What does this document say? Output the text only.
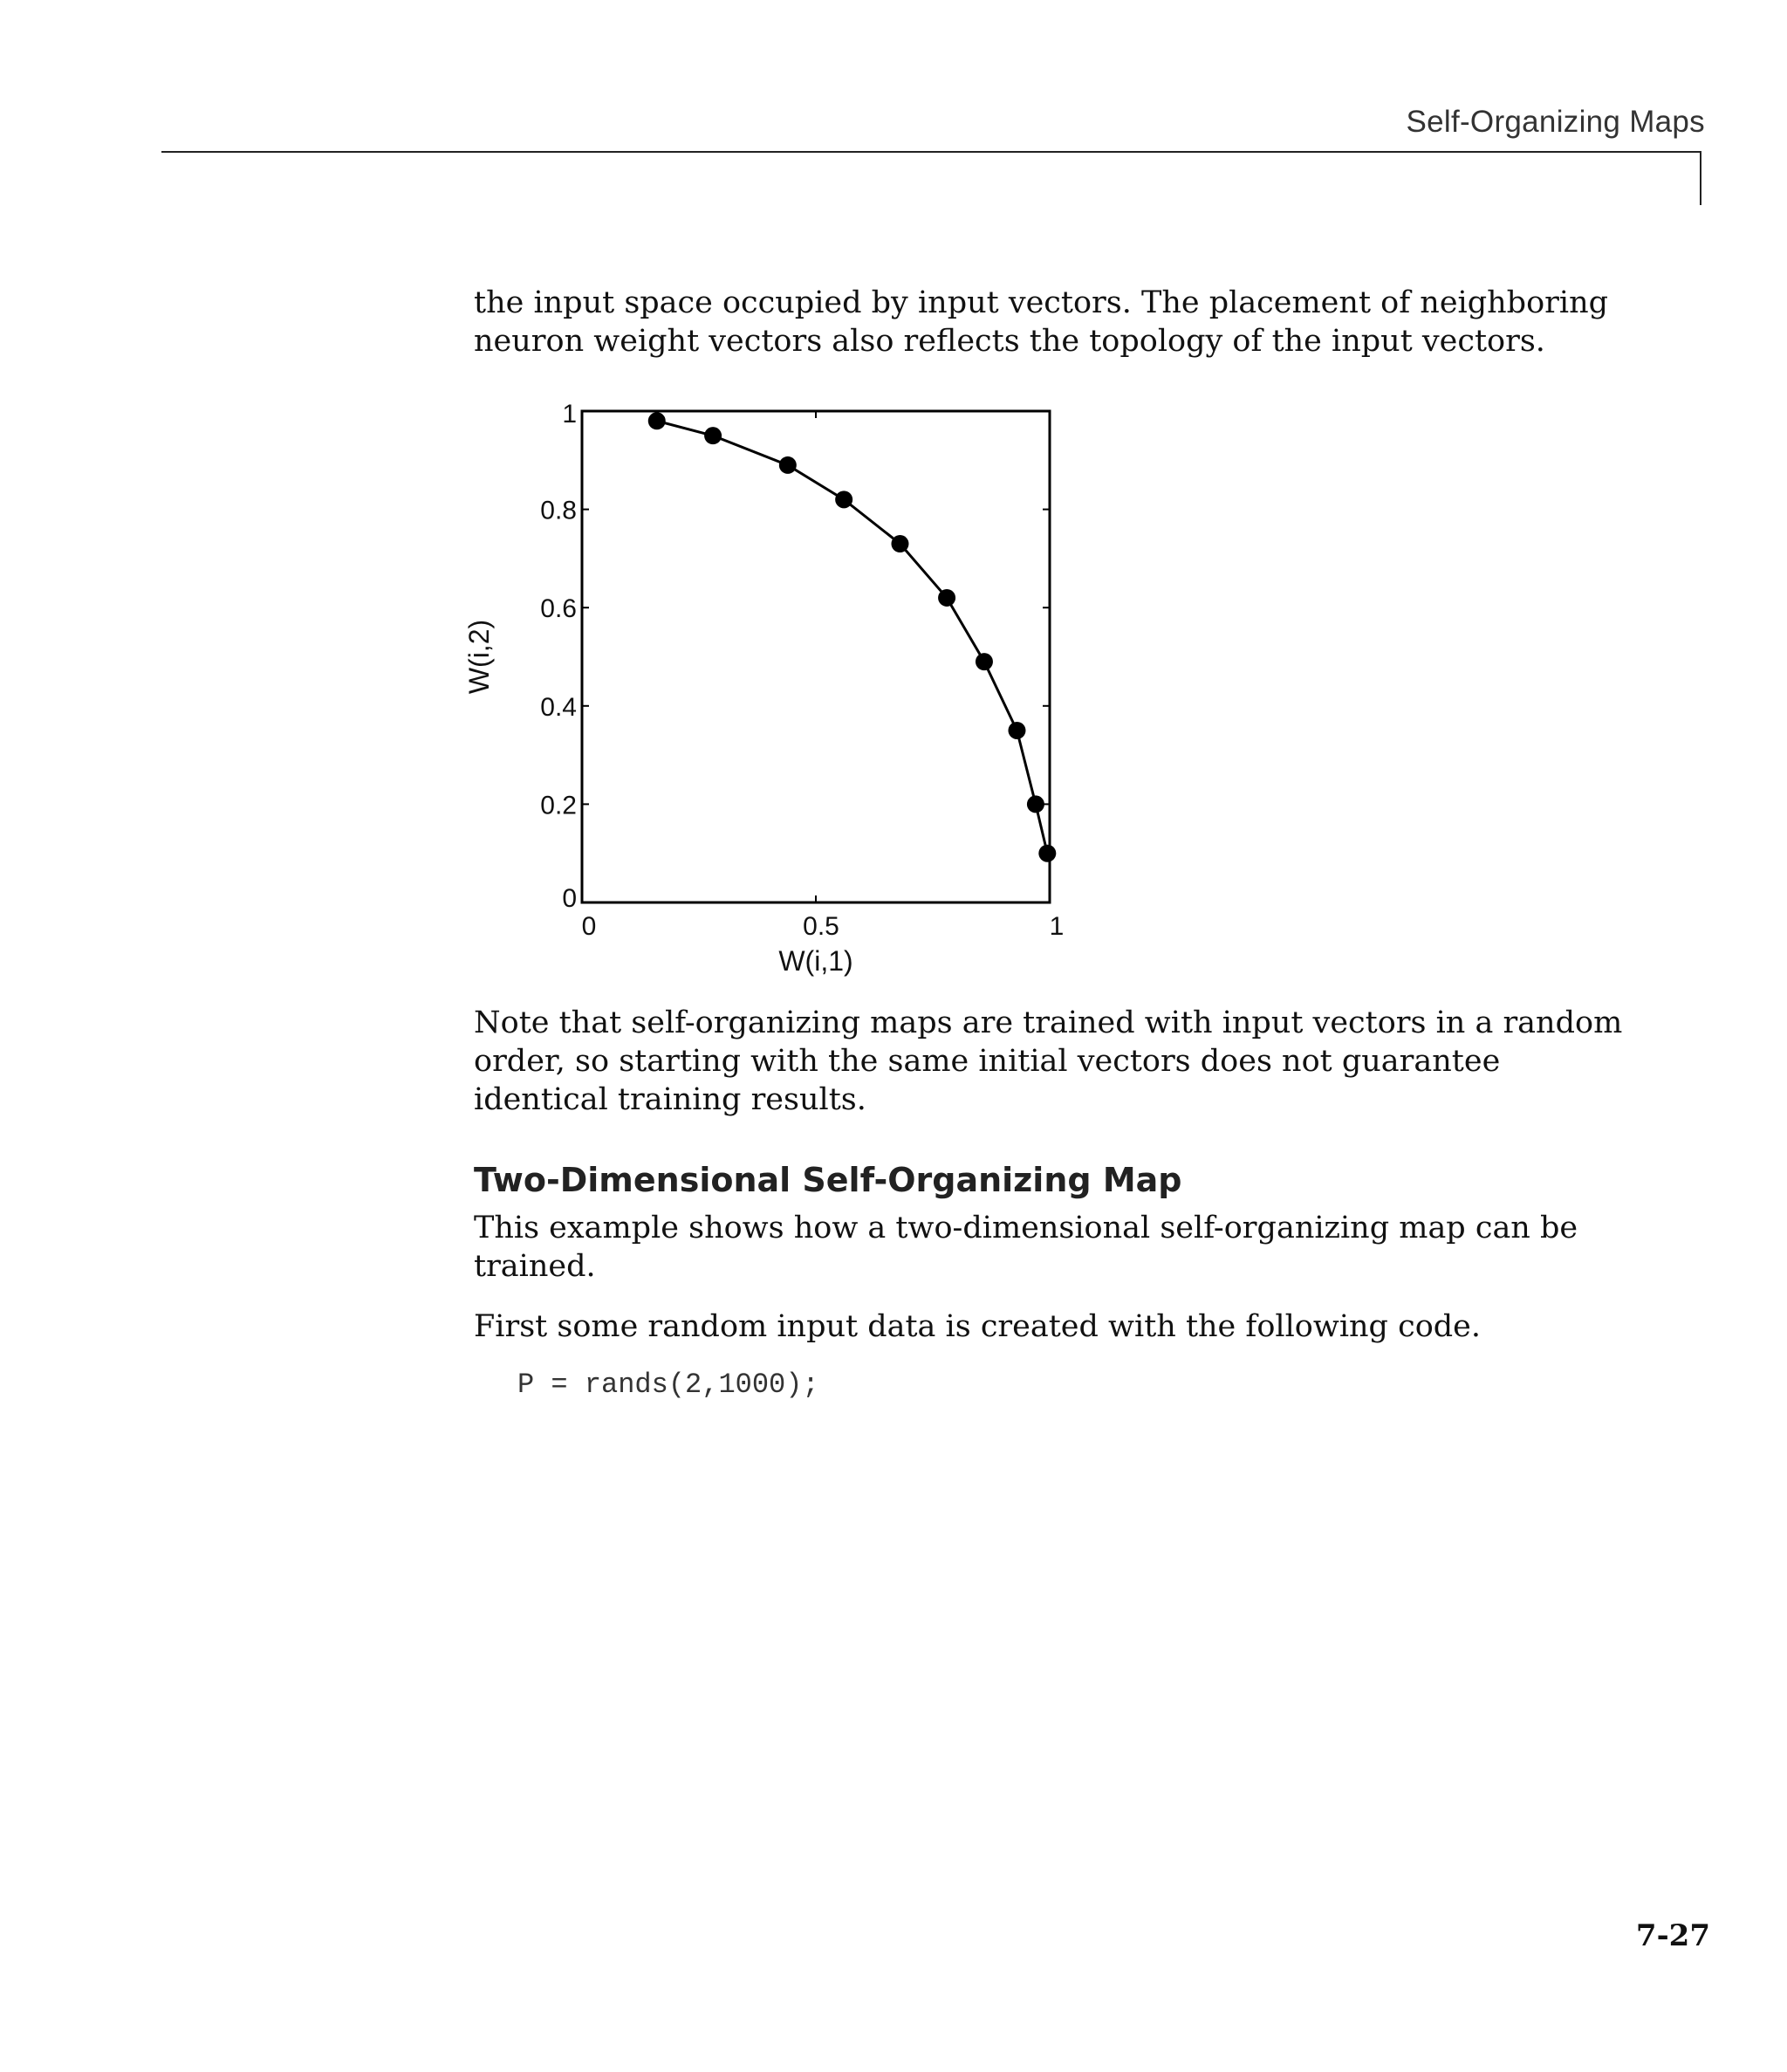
Self-Organizing Maps

the input space occupied by input vectors. The placement of neighboring neuron weight vectors also reflects the topology of the input vectors.

0	0.5	1
0
0.2
0.4
0.6
0.8
1
W(i,1)
W(i,2)

Note that self-organizing maps are trained with input vectors in a random order, so starting with the same initial vectors does not guarantee identical training results.

Two-Dimensional Self-Organizing Map

This example shows how a two-dimensional self-organizing map can be trained.

First some random input data is created with the following code.

P = rands(2,1000);
7-27
